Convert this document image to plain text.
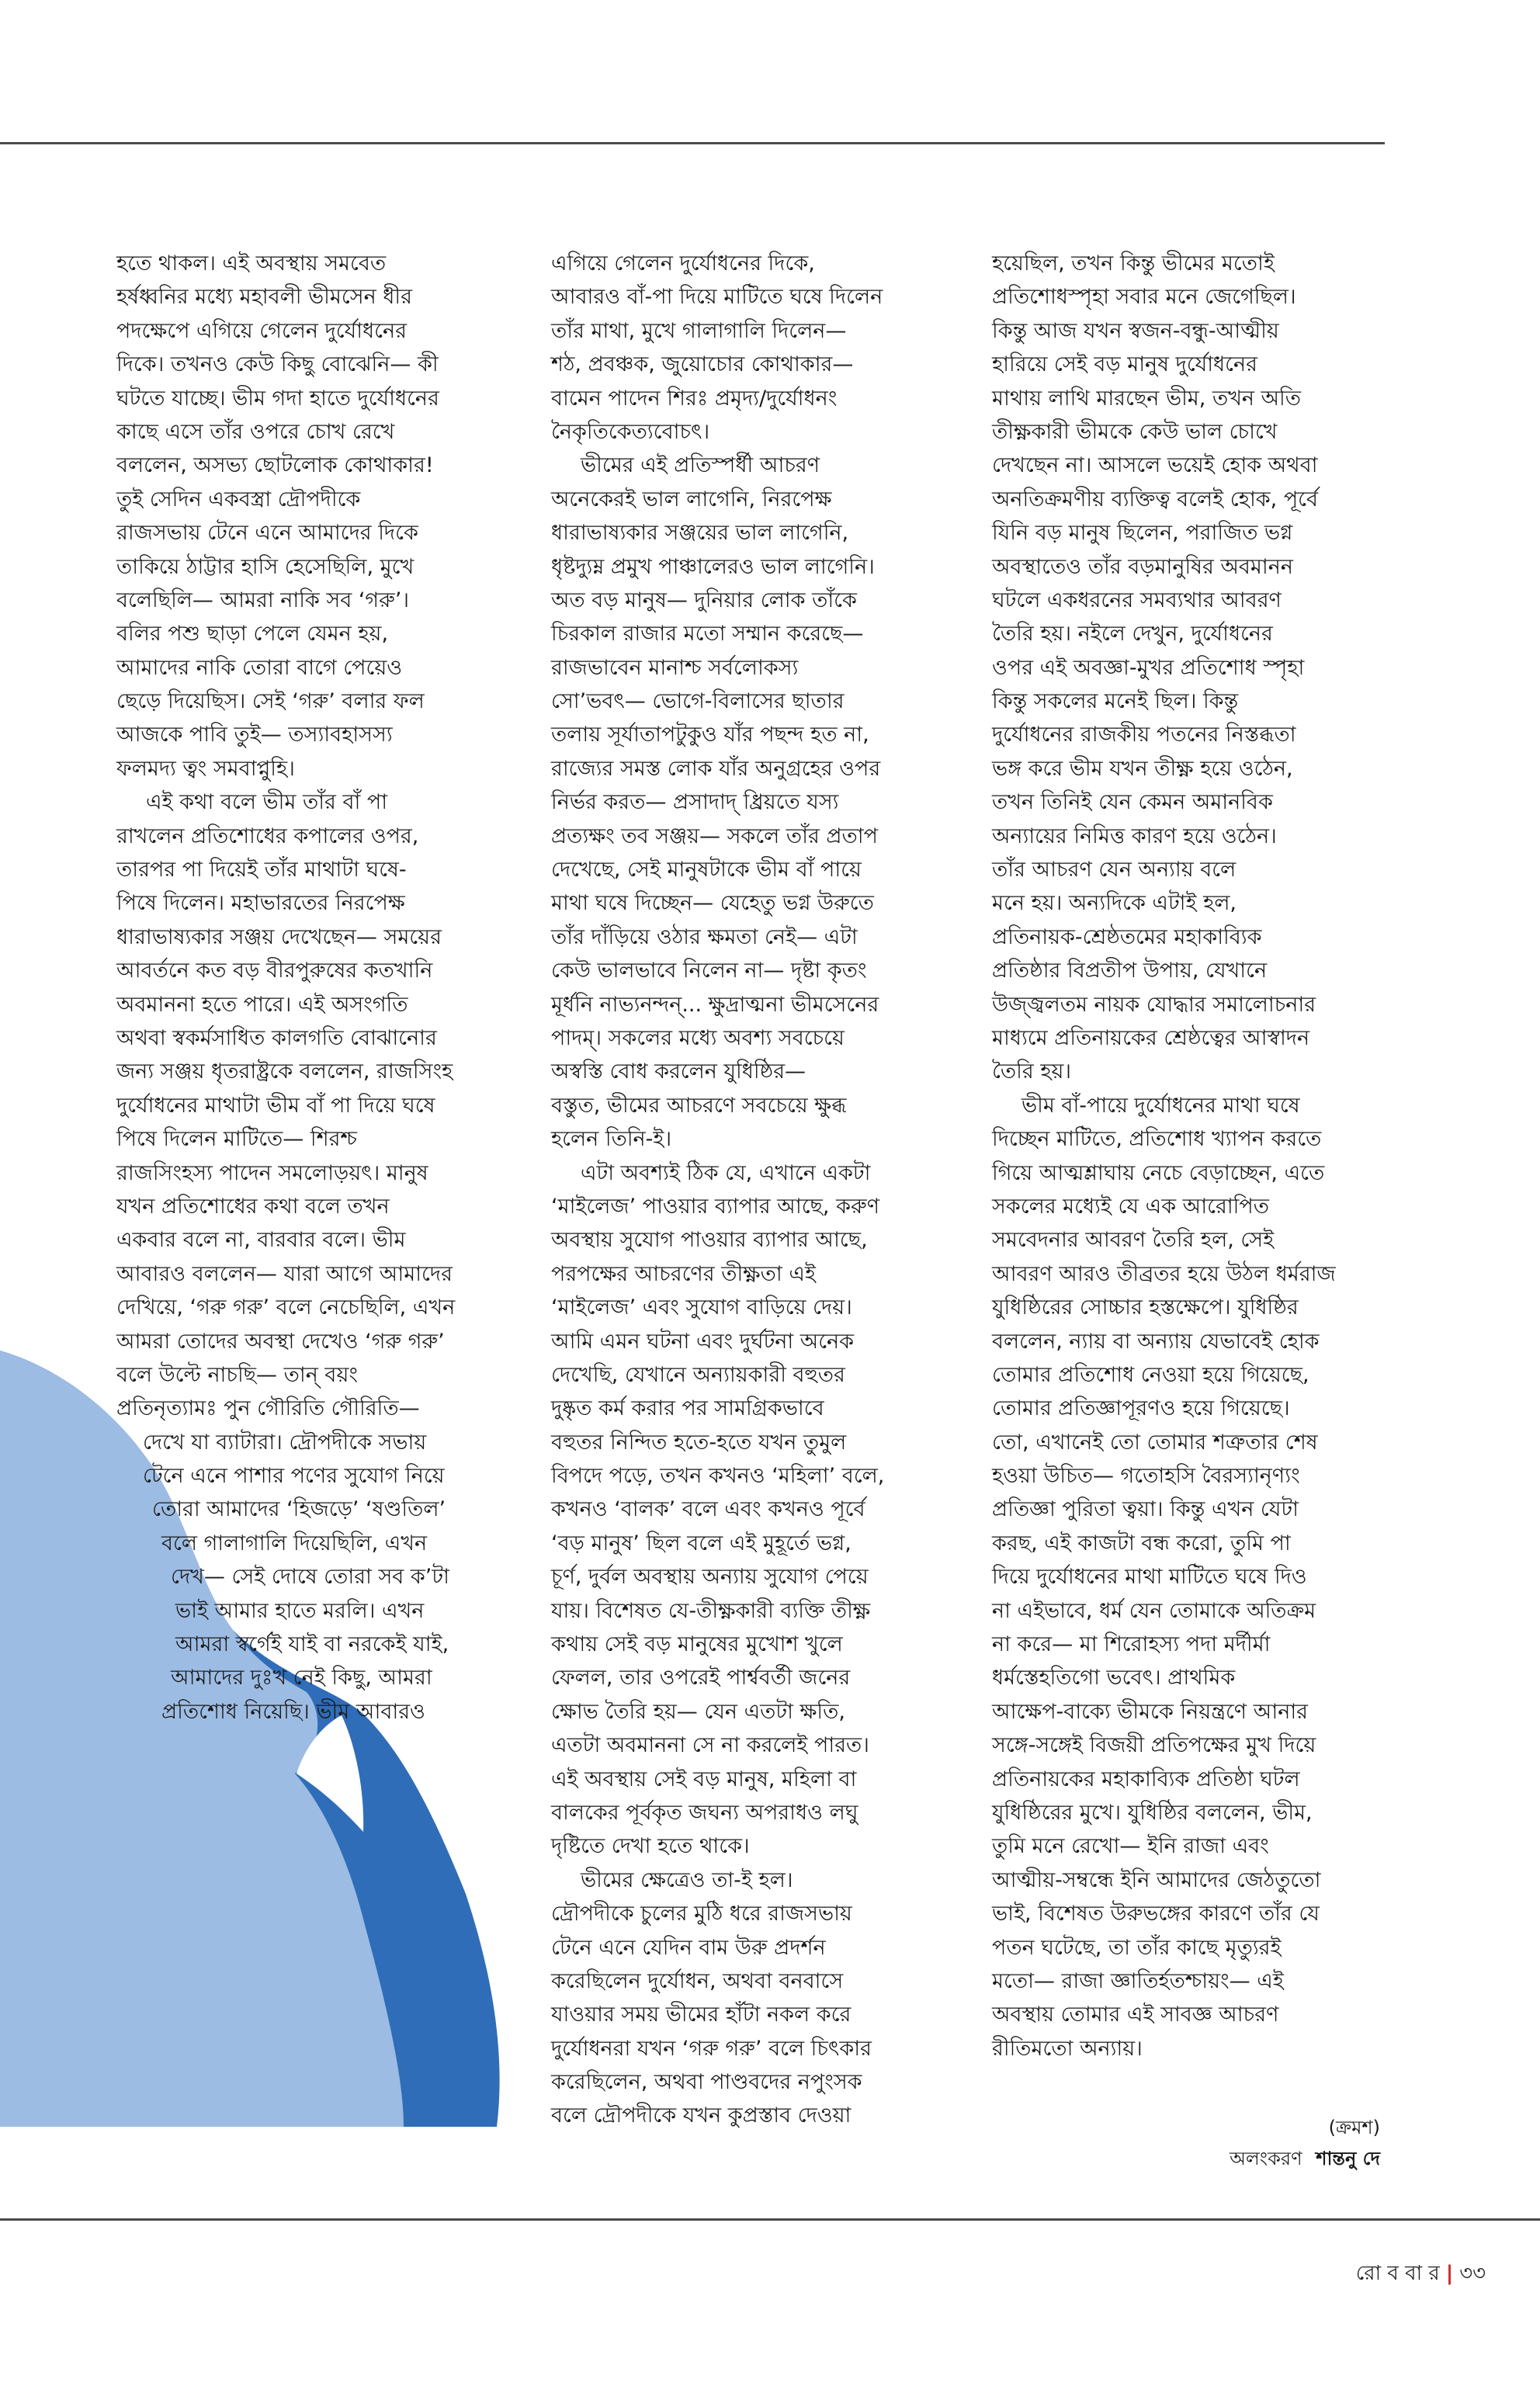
হতে থাকল। এই অবস্থায় সমবেত
হর্ষধ্বনির মধ্যে মহাবলী ভীমসেন ধীর
পদক্ষেপে এগিয়ে গেলেন দুর্যোধনের
দিকে। তখনও কেউ কিছু বোঝেনি— কী
ঘটতে যাচ্ছে। ভীম গদা হাতে দুর্যোধনের
কাছে এসে তাঁর ওপরে চোখ রেখে
বললেন, অসভ্য ছোটলোক কোথাকার!
তুই সেদিন একবস্ত্রা দ্রৌপদীকে
রাজসভায় টেনে এনে আমাদের দিকে
তাকিয়ে ঠাট্টার হাসি হেসেছিলি, মুখে
বলেছিলি— আমরা নাকি সব ‘গরু’।
বলির পশু ছাড়া পেলে যেমন হয়,
আমাদের নাকি তোরা বাগে পেয়েও
ছেড়ে দিয়েছিস। সেই ‘গরু’ বলার ফল
আজকে পাবি তুই— তস্যাবহাসস্য
ফলমদ্য ত্বং সমবাপ্নুহি।
এই কথা বলে ভীম তাঁর বাঁ পা
রাখলেন প্রতিশোধের কপালের ওপর,
তারপর পা দিয়েই তাঁর মাথাটা ঘষে-
পিষে দিলেন। মহাভারতের নিরপেক্ষ
ধারাভাষ্যকার সঞ্জয় দেখেছেন— সময়ের
আবর্তনে কত বড় বীরপুরুষের কতখানি
অবমাননা হতে পারে। এই অসংগতি
অথবা স্বকর্মসাধিত কালগতি বোঝানোর
জন্য সঞ্জয় ধৃতরাষ্ট্রকে বললেন, রাজসিংহ
দুর্যোধনের মাথাটা ভীম বাঁ পা দিয়ে ঘষে
পিষে দিলেন মাটিতে— শিরশ্চ
রাজসিংহস্য পাদেন সমলোড়য়ৎ। মানুষ
যখন প্রতিশোধের কথা বলে তখন
একবার বলে না, বারবার বলে। ভীম
আবারও বললেন— যারা আগে আমাদের
দেখিয়ে, ‘গরু গরু’ বলে নেচেছিলি, এখন
আমরা তোদের অবস্থা দেখেও ‘গরু গরু’
বলে উল্টে নাচছি— তান্ বয়ং
প্রতিনৃত্যামঃ পুন গৌরিতি গৌরিতি—
দেখে যা ব্যাটারা। দ্রৌপদীকে সভায়
টেনে এনে পাশার পণের সুযোগ নিয়ে
তোরা আমাদের ‘হিজড়ে’ ‘ষণ্ডতিল’
বলে গালাগালি দিয়েছিলি, এখন
দেখ— সেই দোষে তোরা সব ক’টা
ভাই আমার হাতে মরলি। এখন
আমরা স্বর্গেই যাই বা নরকেই যাই,
আমাদের দুঃখ নেই কিছু, আমরা
প্রতিশোধ নিয়েছি। ভীম আবারও
এগিয়ে গেলেন দুর্যোধনের দিকে,
আবারও বাঁ-পা দিয়ে মাটিতে ঘষে দিলেন
তাঁর মাথা, মুখে গালাগালি দিলেন—
শঠ, প্রবঞ্চক, জুয়োচোর কোথাকার—
বামেন পাদেন শিরঃ প্রমৃদ্য/দুর্যোধনং
নৈকৃতিকেত্যবোচৎ।
ভীমের এই প্রতিস্পর্ধী আচরণ
অনেকেরই ভাল লাগেনি, নিরপেক্ষ
ধারাভাষ্যকার সঞ্জয়ের ভাল লাগেনি,
ধৃষ্টদ্যুম্ন প্রমুখ পাঞ্চালেরও ভাল লাগেনি।
অত বড় মানুষ— দুনিয়ার লোক তাঁকে
চিরকাল রাজার মতো সম্মান করেছে—
রাজভাবেন মানাশ্চ সর্বলোকস্য
সো’ভবৎ— ভোগে-বিলাসের ছাতার
তলায় সূর্যাতাপটুকুও যাঁর পছন্দ হত না,
রাজ্যের সমস্ত লোক যাঁর অনুগ্রহের ওপর
নির্ভর করত— প্রসাদাদ্ ধ্রিয়তে যস্য
প্রত্যক্ষং তব সঞ্জয়— সকলে তাঁর প্রতাপ
দেখেছে, সেই মানুষটাকে ভীম বাঁ পায়ে
মাথা ঘষে দিচ্ছেন— যেহেতু ভগ্ন উরুতে
তাঁর দাঁড়িয়ে ওঠার ক্ষমতা নেই— এটা
কেউ ভালভাবে নিলেন না— দৃষ্টা কৃতং
মূর্ধনি নাভ্যনন্দন্... ক্ষুদ্রাত্মনা ভীমসেনের
পাদম্। সকলের মধ্যে অবশ্য সবচেয়ে
অস্বস্তি বোধ করলেন যুধিষ্ঠির—
বস্তুত, ভীমের আচরণে সবচেয়ে ক্ষুব্ধ
হলেন তিনি-ই।
এটা অবশ্যই ঠিক যে, এখানে একটা
‘মাইলেজ’ পাওয়ার ব্যাপার আছে, করুণ
অবস্থায় সুযোগ পাওয়ার ব্যাপার আছে,
পরপক্ষের আচরণের তীক্ষ্ণতা এই
‘মাইলেজ’ এবং সুযোগ বাড়িয়ে দেয়।
আমি এমন ঘটনা এবং দুর্ঘটনা অনেক
দেখেছি, যেখানে অন্যায়কারী বহুতর
দুষ্কৃত কর্ম করার পর সামগ্রিকভাবে
বহুতর নিন্দিত হতে-হতে যখন তুমুল
বিপদে পড়ে, তখন কখনও ‘মহিলা’ বলে,
কখনও ‘বালক’ বলে এবং কখনও পূর্বে
‘বড় মানুষ’ ছিল বলে এই মুহূর্তে ভগ্ন,
চূর্ণ, দুর্বল অবস্থায় অন্যায় সুযোগ পেয়ে
যায়। বিশেষত যে-তীক্ষ্ণকারী ব্যক্তি তীক্ষ্ণ
কথায় সেই বড় মানুষের মুখোশ খুলে
ফেলল, তার ওপরেই পার্শ্ববর্তী জনের
ক্ষোভ তৈরি হয়— যেন এতটা ক্ষতি,
এতটা অবমাননা সে না করলেই পারত।
এই অবস্থায় সেই বড় মানুষ, মহিলা বা
বালকের পূর্বকৃত জঘন্য অপরাধও লঘু
দৃষ্টিতে দেখা হতে থাকে।
ভীমের ক্ষেত্রেও তা-ই হল।
দ্রৌপদীকে চুলের মুঠি ধরে রাজসভায়
টেনে এনে যেদিন বাম উরু প্রদর্শন
করেছিলেন দুর্যোধন, অথবা বনবাসে
যাওয়ার সময় ভীমের হাঁটা নকল করে
দুর্যোধনরা যখন ‘গরু গরু’ বলে চিৎকার
করেছিলেন, অথবা পাণ্ডবদের নপুংসক
বলে দ্রৌপদীকে যখন কুপ্রস্তাব দেওয়া
হয়েছিল, তখন কিন্তু ভীমের মতোই
প্রতিশোধস্পৃহা সবার মনে জেগেছিল।
কিন্তু আজ যখন স্বজন-বন্ধু-আত্মীয়
হারিয়ে সেই বড় মানুষ দুর্যোধনের
মাথায় লাথি মারছেন ভীম, তখন অতি
তীক্ষ্ণকারী ভীমকে কেউ ভাল চোখে
দেখছেন না। আসলে ভয়েই হোক অথবা
অনতিক্রমণীয় ব্যক্তিত্ব বলেই হোক, পূর্বে
যিনি বড় মানুষ ছিলেন, পরাজিত ভগ্ন
অবস্থাতেও তাঁর বড়মানুষির অবমানন
ঘটলে একধরনের সমব্যথার আবরণ
তৈরি হয়। নইলে দেখুন, দুর্যোধনের
ওপর এই অবজ্ঞা-মুখর প্রতিশোধ স্পৃহা
কিন্তু সকলের মনেই ছিল। কিন্তু
দুর্যোধনের রাজকীয় পতনের নিস্তব্ধতা
ভঙ্গ করে ভীম যখন তীক্ষ্ণ হয়ে ওঠেন,
তখন তিনিই যেন কেমন অমানবিক
অন্যায়ের নিমিত্ত কারণ হয়ে ওঠেন।
তাঁর আচরণ যেন অন্যায় বলে
মনে হয়। অন্যদিকে এটাই হল,
প্রতিনায়ক-শ্রেষ্ঠতমের মহাকাব্যিক
প্রতিষ্ঠার বিপ্রতীপ উপায়, যেখানে
উজ্জ্বলতম নায়ক যোদ্ধার সমালোচনার
মাধ্যমে প্রতিনায়কের শ্রেষ্ঠত্বের আস্বাদন
তৈরি হয়।
ভীম বাঁ-পায়ে দুর্যোধনের মাথা ঘষে
দিচ্ছেন মাটিতে, প্রতিশোধ খ্যাপন করতে
গিয়ে আত্মশ্লাঘায় নেচে বেড়াচ্ছেন, এতে
সকলের মধ্যেই যে এক আরোপিত
সমবেদনার আবরণ তৈরি হল, সেই
আবরণ আরও তীব্রতর হয়ে উঠল ধর্মরাজ
যুধিষ্ঠিরের সোচ্চার হস্তক্ষেপে। যুধিষ্ঠির
বললেন, ন্যায় বা অন্যায় যেভাবেই হোক
তোমার প্রতিশোধ নেওয়া হয়ে গিয়েছে,
তোমার প্রতিজ্ঞাপূরণও হয়ে গিয়েছে।
তো, এখানেই তো তোমার শত্রুতার শেষ
হওয়া উচিত— গতোহসি বৈরস্যানৃণ্যং
প্রতিজ্ঞা পুরিতা ত্বয়া। কিন্তু এখন যেটা
করছ, এই কাজটা বন্ধ করো, তুমি পা
দিয়ে দুর্যোধনের মাথা মাটিতে ঘষে দিও
না এইভাবে, ধর্ম যেন তোমাকে অতিক্রম
না করে— মা শিরোহস্য পদা মর্দীর্মা
ধর্মস্তেহতিগো ভবেৎ। প্রাথমিক
আক্ষেপ-বাক্যে ভীমকে নিয়ন্ত্রণে আনার
সঙ্গে-সঙ্গেই বিজয়ী প্রতিপক্ষের মুখ দিয়ে
প্রতিনায়কের মহাকাব্যিক প্রতিষ্ঠা ঘটল
যুধিষ্ঠিরের মুখে। যুধিষ্ঠির বললেন, ভীম,
তুমি মনে রেখো— ইনি রাজা এবং
আত্মীয়-সম্বন্ধে ইনি আমাদের জেঠতুতো
ভাই, বিশেষত উরুভঙ্গের কারণে তাঁর যে
পতন ঘটেছে, তা তাঁর কাছে মৃত্যুরই
মতো— রাজা জ্ঞাতির্হতশ্চায়ং— এই
অবস্থায় তোমার এই সাবজ্ঞ আচরণ
রীতিমতো অন্যায়।
(ক্রমশ)
অলংকরণ শান্তনু দে
রো ব বা র | ৩৩
